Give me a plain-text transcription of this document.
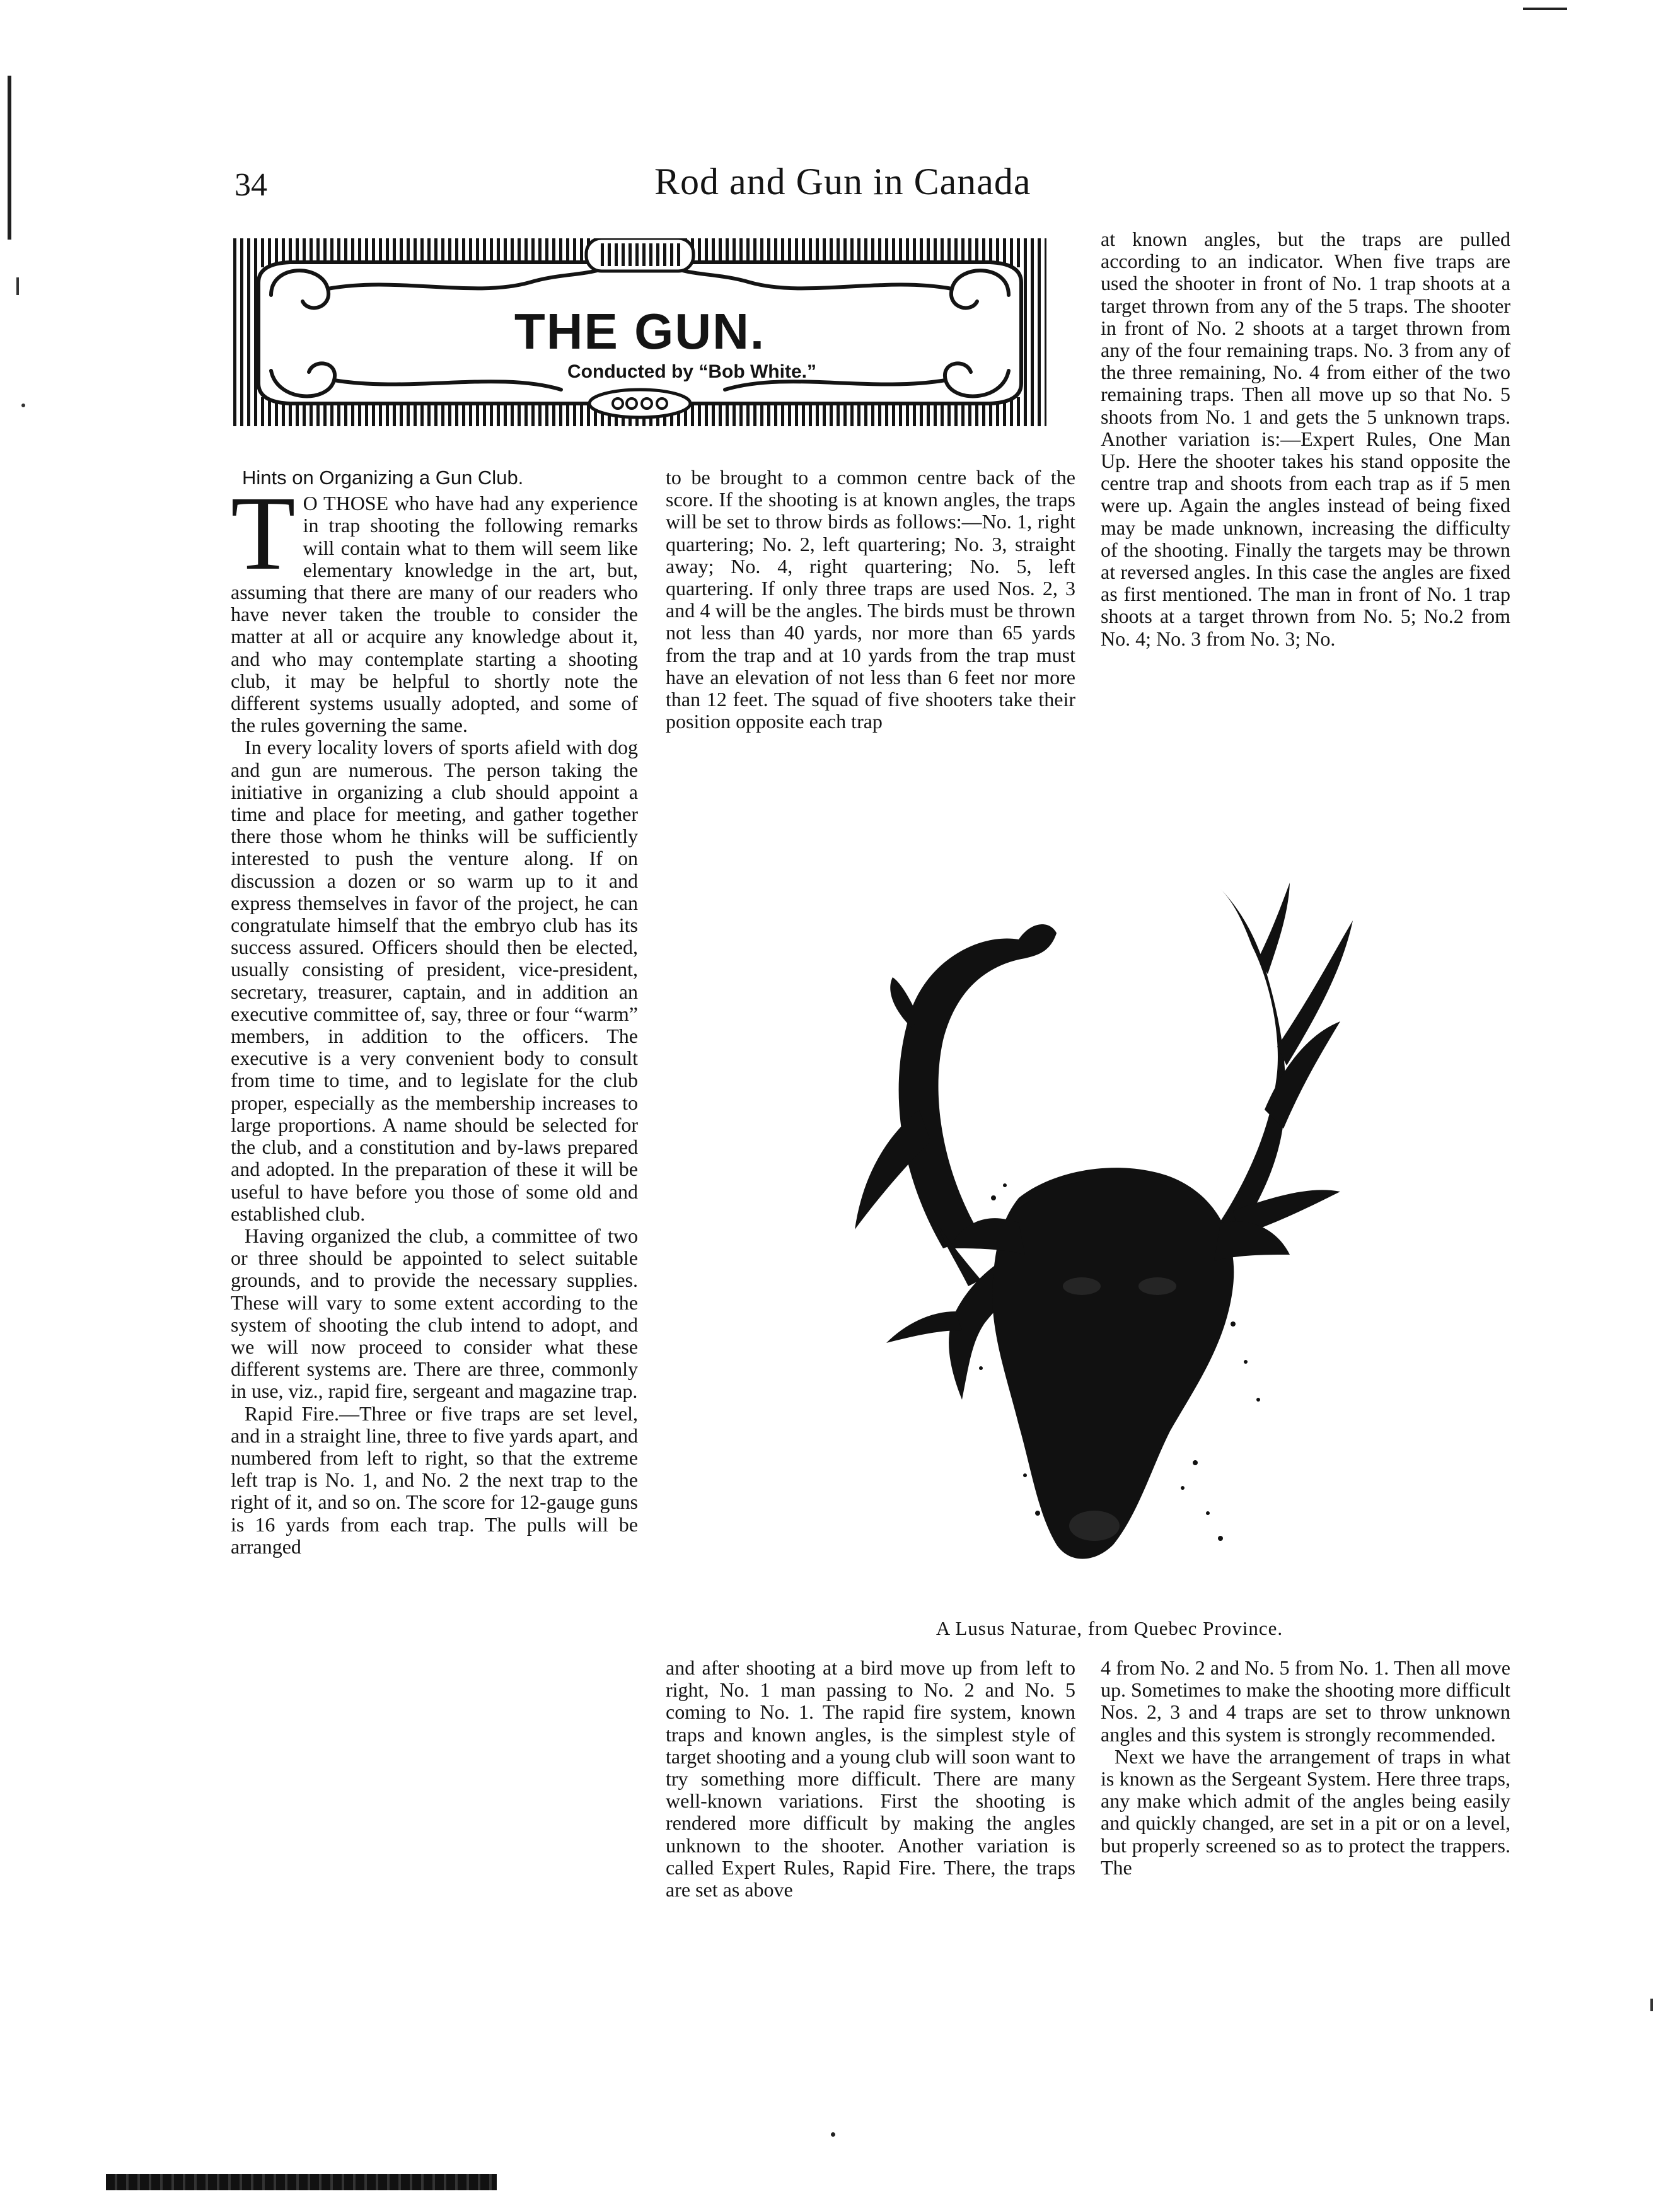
34	Rod and Gun in Canada
THE GUN.
Conducted by “Bob White.”
Hints on Organizing a Gun Club.

TO THOSE who have had any experience in trap shooting the following remarks will contain what to them will seem like elementary knowledge in the art, but, assuming that there are many of our readers who have never taken the trouble to consider the matter at all or acquire any knowledge about it, and who may contemplate starting a shooting club, it may be helpful to shortly note the different systems usually adopted, and some of the rules governing the same.

In every locality lovers of sports afield with dog and gun are numerous. The person taking the initiative in organizing a club should appoint a time and place for meeting, and gather together there those whom he thinks will be sufficiently interested to push the venture along. If on discussion a dozen or so warm up to it and express themselves in favor of the project, he can congratulate himself that the embryo club has its success assured. Officers should then be elected, usually consisting of president, vice-president, secretary, treasurer, captain, and in addition an executive committee of, say, three or four “warm” members, in addition to the officers. The executive is a very convenient body to consult from time to time, and to legislate for the club proper, especially as the membership increases to large proportions. A name should be selected for the club, and a constitution and by-laws prepared and adopted. In the preparation of these it will be useful to have before you those of some old and established club.

Having organized the club, a committee of two or three should be appointed to select suitable grounds, and to provide the necessary supplies. These will vary to some extent according to the system of shooting the club intend to adopt, and we will now proceed to consider what these different systems are. There are three, commonly in use, viz., rapid fire, sergeant and magazine trap.

Rapid Fire.—Three or five traps are set level, and in a straight line, three to five yards apart, and numbered from left to right, so that the extreme left trap is No. 1, and No. 2 the next trap to the right of it, and so on. The score for 12-gauge guns is 16 yards from each trap. The pulls will be arranged

to be brought to a common centre back of the score. If the shooting is at known angles, the traps will be set to throw birds as follows:—No. 1, right quartering; No. 2, left quartering; No. 3, straight away; No. 4, right quartering; No. 5, left quartering. If only three traps are used Nos. 2, 3 and 4 will be the angles. The birds must be thrown not less than 40 yards, nor more than 65 yards from the trap and at 10 yards from the trap must have an elevation of not less than 6 feet nor more than 12 feet. The squad of five shooters take their position opposite each trap

at known angles, but the traps are pulled according to an indicator. When five traps are used the shooter in front of No. 1 trap shoots at a target thrown from any of the 5 traps. The shooter in front of No. 2 shoots at a target thrown from any of the four remaining traps. No. 3 from any of the three remaining, No. 4 from either of the two remaining traps. Then all move up so that No. 5 shoots from No. 1 and gets the 5 unknown traps. Another variation is:—Expert Rules, One Man Up. Here the shooter takes his stand opposite the centre trap and shoots from each trap as if 5 men were up. Again the angles instead of being fixed may be made unknown, increasing the difficulty of the shooting. Finally the targets may be thrown at reversed angles. In this case the angles are fixed as first mentioned. The man in front of No. 1 trap shoots at a target thrown from No. 5; No.2 from No. 4; No. 3 from No. 3; No.

A Lusus Naturae, from Quebec Province.

and after shooting at a bird move up from left to right, No. 1 man passing to No. 2 and No. 5 coming to No. 1. The rapid fire system, known traps and known angles, is the simplest style of target shooting and a young club will soon want to try something more difficult. There are many well-known variations. First the shooting is rendered more difficult by making the angles unknown to the shooter. Another variation is called Expert Rules, Rapid Fire. There, the traps are set as above

4 from No. 2 and No. 5 from No. 1. Then all move up. Sometimes to make the shooting more difficult Nos. 2, 3 and 4 traps are set to throw unknown angles and this system is strongly recommended.

Next we have the arrangement of traps in what is known as the Sergeant System. Here three traps, any make which admit of the angles being easily and quickly changed, are set in a pit or on a level, but properly screened so as to protect the trappers. The
